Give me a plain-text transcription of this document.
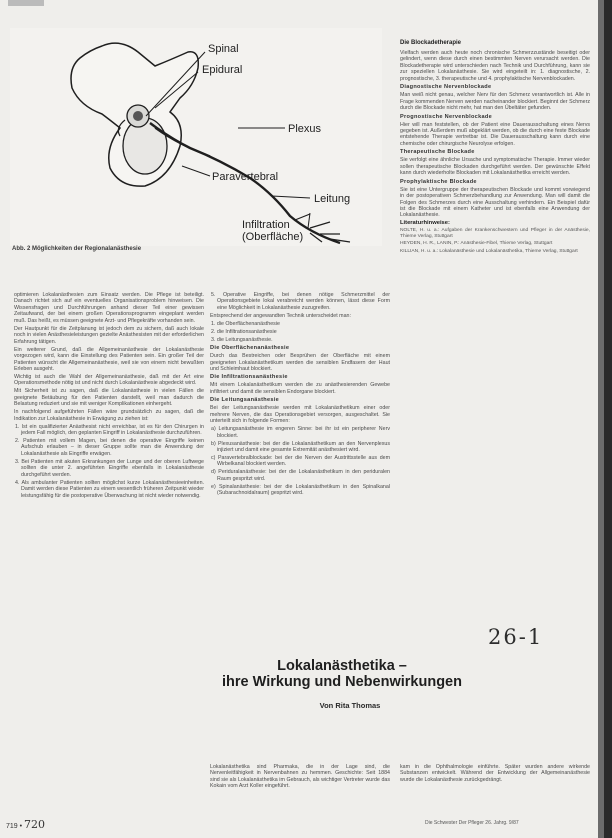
Spinal
Epidural
Plexus
Paravertebral
Leitung
Infiltration
(Oberfläche)
Abb. 2 Möglichkeiten der Regionalanästhesie

optimieren Lokalanästhesien zum Einsatz werden. Die Pflege ist beteiligt. Danach richtet sich auf ein eventuelles Organisationsproblem hinweisen. Die Wissensfragen und Durchführungen anhand dieser Teil einer gewissen Zeitaufwand, der bei einem großen Operationsprogramm eingeplant werden muß. Das heißt, es müssen geeignete Arzt- und Pflegekräfte vorhanden sein.

Der Hautpunkt für die Zeitplanung ist jedoch dem zu sichern, daß auch lokale noch in vielen Anästhesieleistungen gezielte Anästhesisten mit der erforderlichen Erfahrung tätigen.

Ein weiterer Grund, daß die Allgemeinanästhesie der Lokalanästhesie vorgezogen wird, kann die Einstellung des Patienten sein. Ein großer Teil der Patienten wünscht die Allgemeinanästhesie, weil sie von einem nicht bewußten Erleben ausgeht.

Wichtig ist auch die Wahl der Allgemeinanästhesie, daß mit der Art eine Operationsmethode nötig ist und nicht durch Lokalanästhesie abgedeckt wird.

Mit Sicherheit ist zu sagen, daß die Lokalanästhesie in vielen Fällen die geeignete Betäubung für den Patienten darstellt, weil man dadurch die Belastung reduziert und sie mit weniger Komplikationen einhergeht.

In nachfolgend aufgeführten Fällen wäre grundsätzlich zu sagen, daß die Indikation zur Lokalanästhesie in Erwägung zu ziehen ist:

1. Ist ein qualifizierter Anästhesist nicht erreichbar, ist es für den Chirurgen in jedem Fall möglich, den geplanten Eingriff in Lokalanästhesie durchzuführen.

2. Patienten mit vollem Magen, bei denen die operative Eingriffe keinen Aufschub erlauben – in dieser Gruppe sollte man die Anwendung der Lokalanästhesie als Eingriffe erwägen.

3. Bei Patienten mit akuten Erkrankungen der Lunge und der oberen Luftwege sollten die unter 2. angeführten Eingriffe ebenfalls in Lokalanästhesie durchgeführt werden.

4. Als ambulanter Patienten sollten möglichst kurze Lokalanästhesieeinheiten. Damit werden diese Patienten zu einem wesentlich früheren Zeitpunkt wieder leistungsfähig für die postoperative Überwachung ist nicht wieder notwendig.

5. Operative Eingriffe, bei denen nötige Schmerzmittel der Operationsgebiete lokal verabreicht werden können, lässt diese Form eine Möglichkeit in Lokalanästhesie zuzugreifen.

Entsprechend der angewandten Technik unterscheidet man:

1. die Oberflächenanästhesie

2. die Infiltrationsanästhesie

3. die Leitungsanästhesie.

Die Oberflächenanästhesie

Durch das Bestreichen oder Besprühen der Oberfläche mit einem geeigneten Lokalanästhetikum werden die sensiblen Endfasern der Haut und Schleimhaut blockiert.

Die Infiltrationsanästhesie

Mit einem Lokalanästhetikum werden die zu anästhesierenden Gewebe infiltriert und damit die sensiblen Endorgane blockiert.

Die Leitungsanästhesie

Bei der Leitungsanästhesie werden mit Lokalanästhetikum einer oder mehrere Nerven, die das Operationsgebiet versorgen, ausgeschaltet. Sie unterteilt sich in folgende Formen:

a) Leitungsanästhesie im engeren Sinne: bei ihr ist ein peripherer Nerv blockiert.

b) Plexusanästhesie: bei der die Lokalanästhetikum an den Nervenplexus injiziert und damit eine gesamte Extremität anästhesiert wird.

c) Paravertebralblockade: bei der die Nerven der Austrittsstelle aus dem Wirbelkanal blockiert werden.

d) Periduralanästhesie: bei der die Lokalanästhetikum in den periduralen Raum gespritzt wird.

e) Spinalanästhesie: bei der die Lokalanästhetikum in den Spinalkanal (Subarachnoidalraum) gespritzt wird.

Die Blockadetherapie

Vielfach werden auch heute noch chronische Schmerzzustände beseitigt oder gelindert, wenn diese durch einen bestimmten Nerven verursacht werden. Die Blockadetherapie wird unterschieden nach Technik und Durchführung, kann sie zur speziellen Lokalanästhesie. Sie wird eingeteilt in: 1. diagnostische, 2. prognostische, 3. therapeutische und 4. prophylaktische Nervenblockaden.

Diagnostische Nervenblockade

Man weiß nicht genau, welcher Nerv für den Schmerz verantwortlich ist. Alle in Frage kommenden Nerven werden nacheinander blockiert. Beginnt der Schmerz durch die Blockade nicht mehr, hat man den Übeltäter gefunden.

Prognostische Nervenblockade

Hier will man feststellen, ob der Patient eine Dauerausschaltung eines Nervs gegeben ist. Außerdem muß abgeklärt werden, ob die durch eine feste Blockade entstehende Therapie vertretbar ist. Die Dauerausschaltung kann durch eine chemische oder chirurgische Neurolyse erfolgen.

Therapeutische Blockade

Sie verfolgt eine ähnliche Ursache und symptomatische Therapie. Immer wieder sollen therapeutische Blockaden durchgeführt werden. Der gewünschte Effekt kann durch wiederholte Blockaden mit Lokalanästhetika erreicht werden.

Prophylaktische Blockade

Sie ist eine Untergruppe der therapeutischen Blockade und kommt vorwiegend in der postoperativen Schmerzbehandlung zur Anwendung. Man will damit die Folgen des Schmerzes durch eine Ausschaltung verhindern. Ein Beispiel dafür ist die Blockade mit einem Katheter und ist ebenfalls eine Anwendung der Lokalanästhesie.

Literaturhinweise:

NOLTE, H. u. a.: Aufgaben der Krankenschwestern und Pfleger in der Anästhesie, Thieme Verlag, Stuttgart

HEYDEN, H. R., LANIN, P.: Anästhesie-Fibel, Thieme Verlag, Stuttgart

KILLIAN, H. u. a.: Lokalanästhesie und Lokalanästhetika, Thieme Verlag, Stuttgart

26-1
Lokalanästhetika –
ihre Wirkung und Nebenwirkungen
Von Rita Thomas

Lokalanästhetika sind Pharmaka, die in der Lage sind, die Nervenleitfähigkeit in Nervenbahnen zu hemmen. Geschichte: Seit 1884 sind sie als Lokalanästhetika im Gebrauch, als wichtiger Vertreter wurde das Kokain vom Arzt Koller eingeführt.

kam in die Ophthalmologie einführte. Später wurden andere wirkende Substanzen entwickelt. Während der Entwicklung der Allgemeinanästhesie wurde die Lokalanästhesie zurückgedrängt.

719 • 720	Die Schwester Der Pfleger 26. Jahrg. 9/87
